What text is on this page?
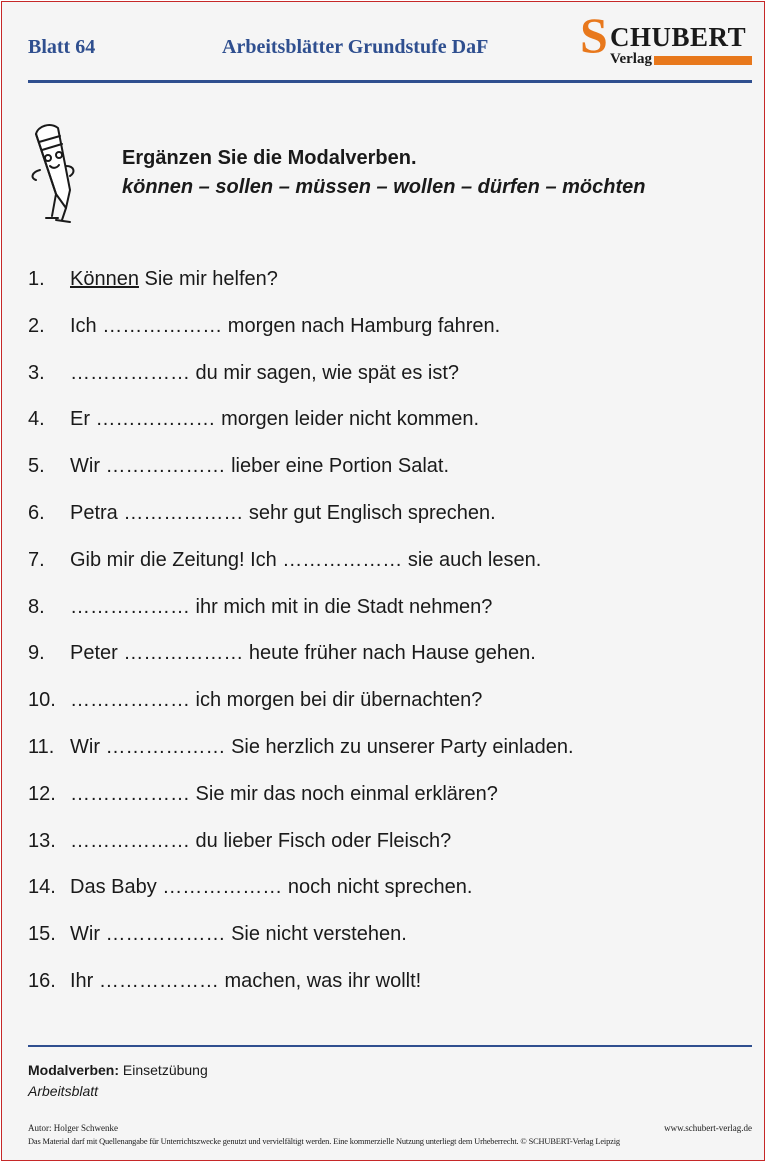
Blatt 64	Arbeitsblätter Grundstufe DaF S CHUBERT
Verlag
Ergänzen Sie die Modalverben.
können – sollen – müssen – wollen – dürfen – möchten
1.	Können Sie mir helfen?
2.	Ich ……………… morgen nach Hamburg fahren.
3.	……………… du mir sagen, wie spät es ist?
4.	Er ……………… morgen leider nicht kommen.
5.	Wir ……………… lieber eine Portion Salat.
6.	Petra ……………… sehr gut Englisch sprechen.
7.	Gib mir die Zeitung! Ich ……………… sie auch lesen.
8.	……………… ihr mich mit in die Stadt nehmen?
9.	Peter ……………… heute früher nach Hause gehen.
10. ……………… ich morgen bei dir übernachten?
11. Wir ……………… Sie herzlich zu unserer Party einladen.
12. ……………… Sie mir das noch einmal erklären?
13. ……………… du lieber Fisch oder Fleisch?
14. Das Baby ……………… noch nicht sprechen.
15. Wir ……………… Sie nicht verstehen.
16. Ihr ……………… machen, was ihr wollt!
Modalverben: Einsetzübung
Arbeitsblatt
Autor: Holger Schwenke	www.schubert-verlag.de
Das Material darf mit Quellenangabe für Unterrichtszwecke genutzt und vervielfältigt werden. Eine kommerzielle Nutzung unterliegt dem Urheberrecht. © SCHUBERT-Verlag Leipzig
